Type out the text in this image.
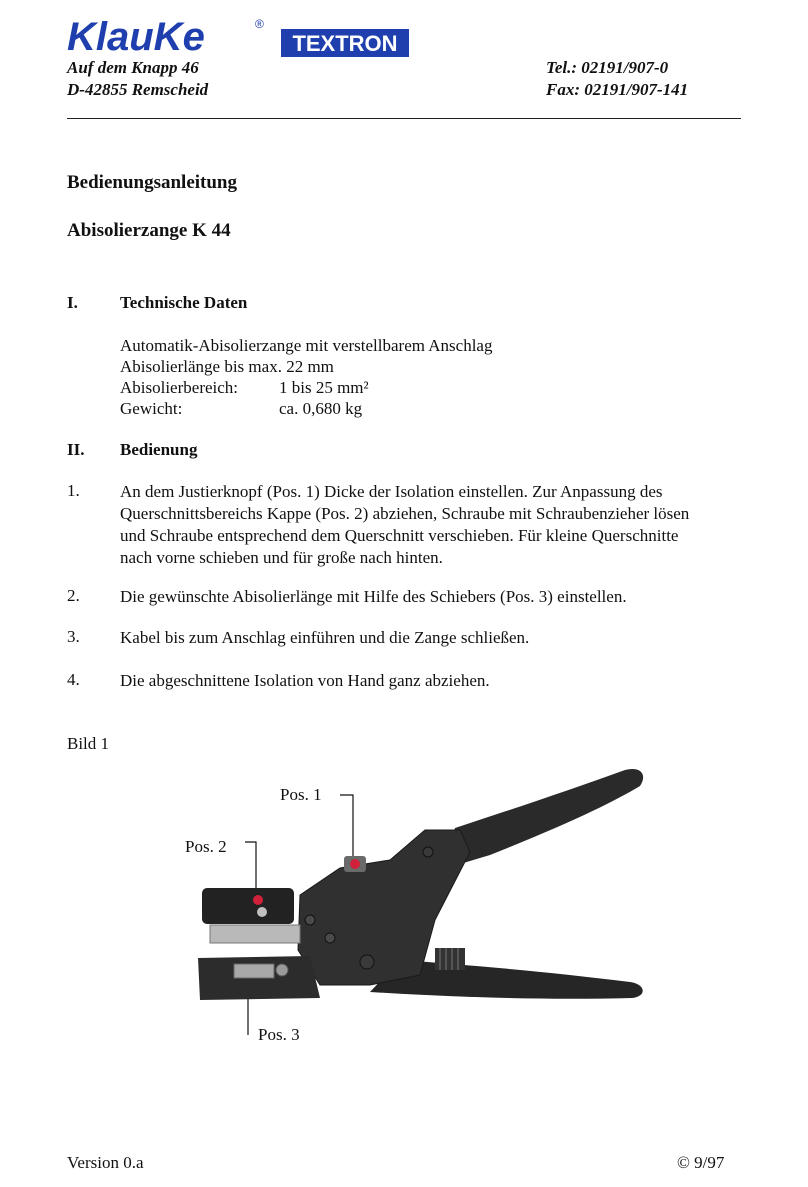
KlauKe	®
TEXTRON
Auf dem Knapp 46
D-42855 Remscheid
Tel.: 02191/907-0
Fax: 02191/907-141
Bedienungsanleitung
Abisolierzange K 44
I. Technische Daten
Automatik-Abisolierzange mit verstellbarem Anschlag
Abisolierlänge bis max. 22 mm
Abisolierbereich: 1 bis 25 mm²
Gewicht:	ca. 0,680 kg
II. Bedienung
1. An dem Justierknopf (Pos. 1) Dicke der Isolation einstellen. Zur Anpassung des
Querschnittsbereichs Kappe (Pos. 2) abziehen, Schraube mit Schraubenzieher lösen
und Schraube entsprechend dem Querschnitt verschieben. Für kleine Querschnitte
nach vorne schieben und für große nach hinten.
2. Die gewünschte Abisolierlänge mit Hilfe des Schiebers (Pos. 3) einstellen.
3. Kabel bis zum Anschlag einführen und die Zange schließen.
4. Die abgeschnittene Isolation von Hand ganz abziehen.
Bild 1
Pos. 1
Pos. 2
Pos. 3
Version 0.a	© 9/97
